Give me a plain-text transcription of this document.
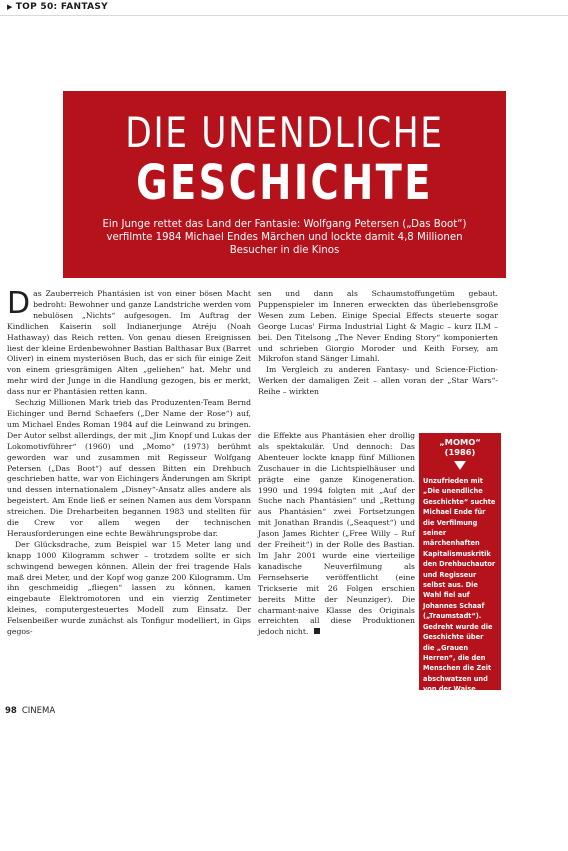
▶ TOP 50: FANTASY
DIE UNENDLICHE
GESCHICHTE
Ein Junge rettet das Land der Fantasie: Wolfgang Petersen („Das Boot“) verfilmte 1984 Michael Endes Märchen und lockte damit 4,8 Millionen Besucher in die Kinos

Das Zauberreich Phantásien ist von einer bösen Macht bedroht: Bewohner und ganze Landstriche werden vom nebulösen „Nichts“ aufgesogen. Im Auftrag der Kindlichen Kaiserin soll Indianerjunge Atréju (Noah Hathaway) das Reich retten. Von genau diesen Ereignissen liest der kleine Erdenbewohner Bastian Balthasar Bux (Barret Oliver) in einem mysteriösen Buch, das er sich für einige Zeit von einem griesgrämigen Alten „geliehen“ hat. Mehr und mehr wird der Junge in die Handlung gezogen, bis er merkt, dass nur er Phantásien retten kann.

Sechzig Millionen Mark trieb das Produzenten-Team Bernd Eichinger und Bernd Schaefers („Der Name der Rose“) auf, um Michael Endes Roman 1984 auf die Leinwand zu bringen. Der Autor selbst allerdings, der mit „Jim Knopf und Lukas der Lokomotivführer“ (1960) und „Momo“ (1973) berühmt geworden war und zusammen mit Regisseur Wolfgang Petersen („Das Boot“) auf dessen Bitten ein Drehbuch geschrieben hatte, war von Eichingers Änderungen am Skript und dessen internationalem „Disney“-Ansatz alles andere als begeistert. Am Ende ließ er seinen Namen aus dem Vorspann streichen. Die Dreharbeiten begannen 1983 und stellten für die Crew vor allem wegen der technischen Herausforderungen eine echte Bewährungsprobe dar.

Der Glücksdrache, zum Beispiel war 15 Meter lang und knapp 1000 Kilogramm schwer – trotzdem sollte er sich schwingend bewegen können. Allein der frei tragende Hals maß drei Meter, und der Kopf wog ganze 200 Kilogramm. Um ihn geschmeidig „fliegen“ lassen zu können, kamen eingebaute Elektromotoren und ein vierzig Zentimeter kleines, computergesteuertes Modell zum Einsatz. Der Felsenbeißer wurde zunächst als Tonfigur modelliert, in Gips gegos-

sen und dann als Schaumstoffungetüm gebaut. Puppenspieler im Inneren erweckten das überlebensgroße Wesen zum Leben. Einige Special Effects steuerte sogar George Lucas' Firma Industrial Light & Magic – kurz ILM – bei. Den Titelsong „The Never Ending Story“ komponierten und schrieben Giorgio Moroder und Keith Forsey, am Mikrofon stand Sänger Limahl.

Im Vergleich zu anderen Fantasy- und Science-Fiction-Werken der damaligen Zeit – allen voran der „Star Wars“-Reihe – wirkten

die Effekte aus Phantásien eher drollig als spektakulär. Und dennoch: Das Abenteuer lockte knapp fünf Millionen Zuschauer in die Lichtspielhäuser und prägte eine ganze Kinogeneration. 1990 und 1994 folgten mit „Auf der Suche nach Phantásien“ und „Rettung aus Phantásien“ zwei Fortsetzungen mit Jonathan Brandis („Seaquest“) und Jason James Richter („Free Willy – Ruf der Freiheit“) in der Rolle des Bastian. Im Jahr 2001 wurde eine vierteilige kanadische Neuverfilmung als Fernsehserie veröffentlicht (eine Trickserie mit 26 Folgen erschien bereits Mitte der Neunziger). Die charmant-naive Klasse des Originals erreichten all diese Produktionen jedoch nicht.

„MOMO“ (1986)
Unzufrieden mit „Die unendliche Geschichte“ suchte Michael Ende für die Verfilmung seiner märchenhaften Kapitalismuskritik den Drehbuchautor und Regisseur selbst aus. Die Wahl fiel auf Johannes Schaaf („Traumstadt“). Gedreht wurde die Geschichte über die „Grauen Herren“, die den Menschen die Zeit abschwatzen und von der Waise Momo (Radost Bokel) in ihre Schranken verwiesen werden, für acht Millionen Mark in den römischen Studios von Cinecittà. Regisseur und Schauspieler John Huston („African Queen“) war hier als Meister Hora in einer seiner letzten Rollen zu sehen.
98 CINEMA
